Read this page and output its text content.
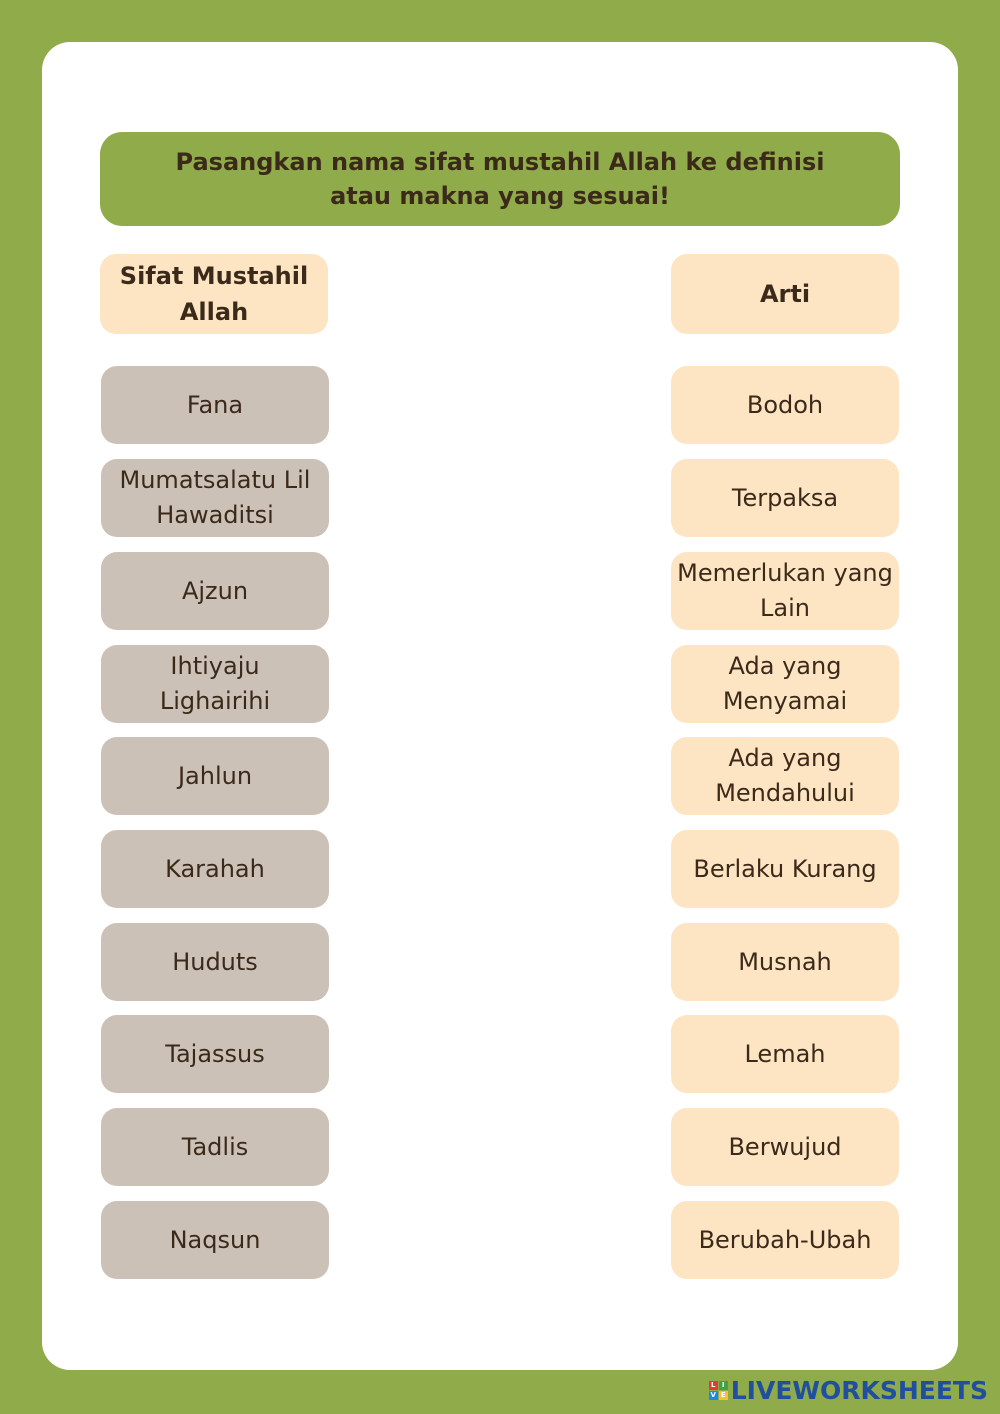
Pasangkan nama sifat mustahil Allah ke definisi atau makna yang sesuai!
Sifat Mustahil Allah
Arti
Fana
Mumatsalatu Lil Hawaditsi
Ajzun
Ihtiyaju Lighairihi
Jahlun
Karahah
Huduts
Tajassus
Tadlis
Naqsun
Bodoh
Terpaksa
Memerlukan yang Lain
Ada yang Menyamai
Ada yang Mendahului
Berlaku Kurang
Musnah
Lemah
Berwujud
Berubah-Ubah
L I
V E LIVEWORKSHEETS
